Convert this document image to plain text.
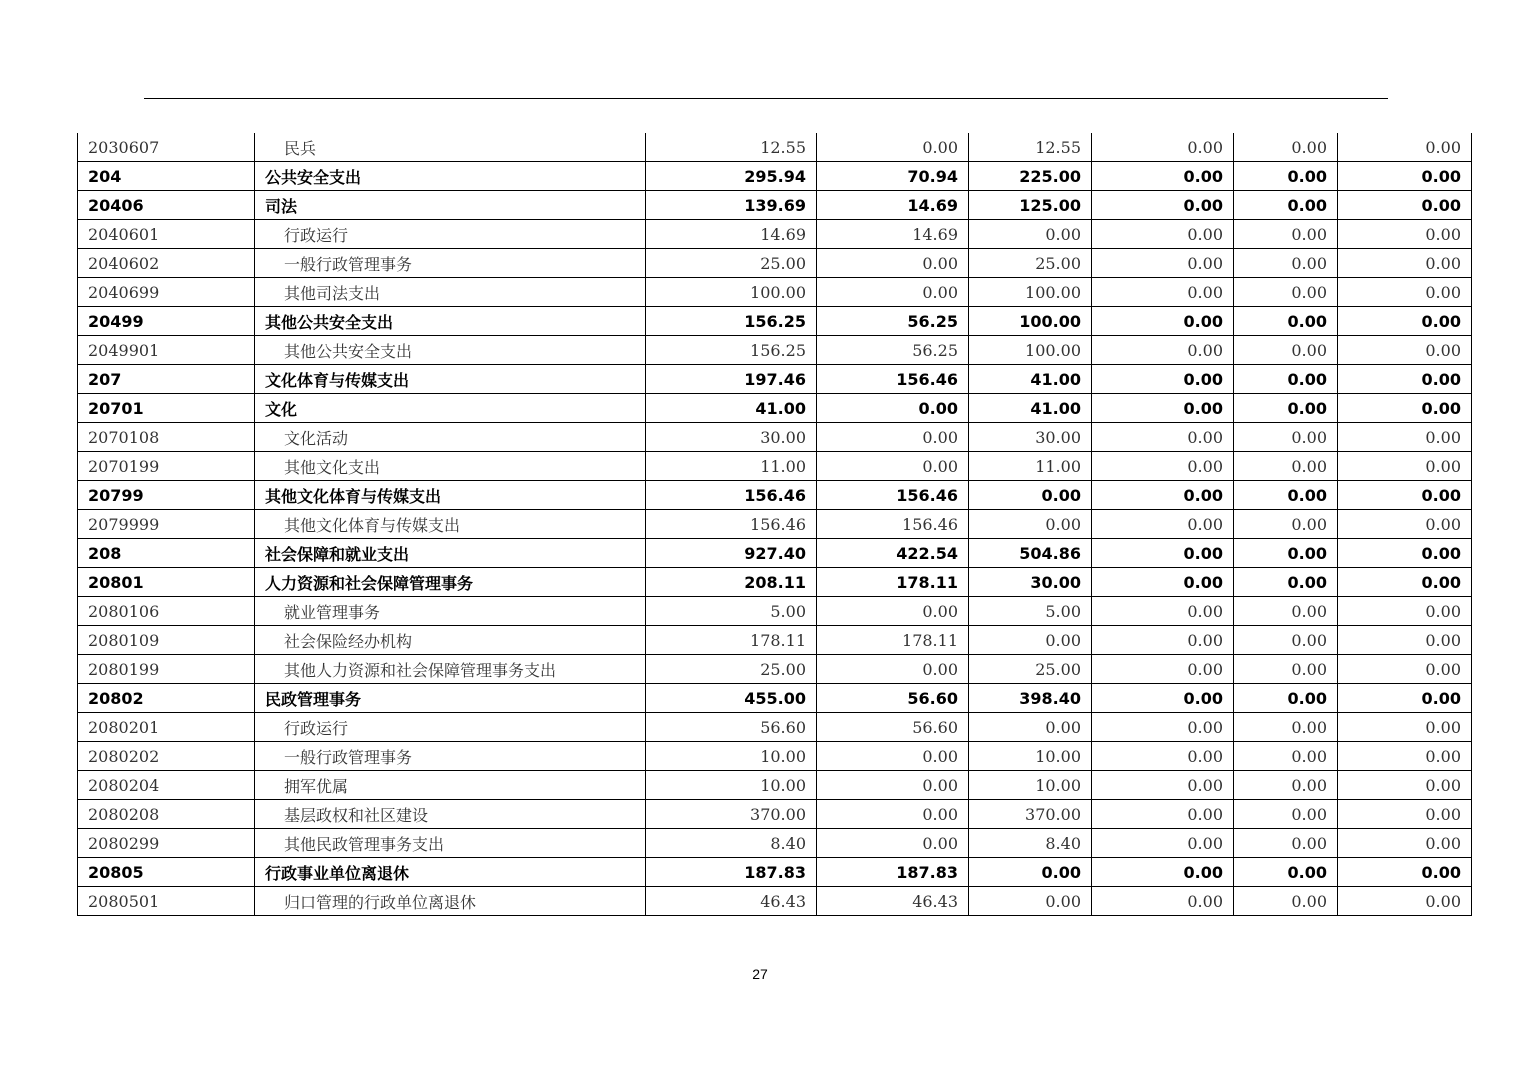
2030607	民兵	12.55	0.00	12.55	0.00	0.00	0.00
204	公共安全支出	295.94	70.94	225.00	0.00	0.00	0.00
20406	司法	139.69	14.69	125.00	0.00	0.00	0.00
2040601	行政运行	14.69	14.69	0.00	0.00	0.00	0.00
2040602	一般行政管理事务	25.00	0.00	25.00	0.00	0.00	0.00
2040699	其他司法支出	100.00	0.00	100.00	0.00	0.00	0.00
20499	其他公共安全支出	156.25	56.25	100.00	0.00	0.00	0.00
2049901	其他公共安全支出	156.25	56.25	100.00	0.00	0.00	0.00
207	文化体育与传媒支出	197.46	156.46	41.00	0.00	0.00	0.00
20701	文化	41.00	0.00	41.00	0.00	0.00	0.00
2070108	文化活动	30.00	0.00	30.00	0.00	0.00	0.00
2070199	其他文化支出	11.00	0.00	11.00	0.00	0.00	0.00
20799	其他文化体育与传媒支出	156.46	156.46	0.00	0.00	0.00	0.00
2079999	其他文化体育与传媒支出	156.46	156.46	0.00	0.00	0.00	0.00
208	社会保障和就业支出	927.40	422.54	504.86	0.00	0.00	0.00
20801	人力资源和社会保障管理事务	208.11	178.11	30.00	0.00	0.00	0.00
2080106	就业管理事务	5.00	0.00	5.00	0.00	0.00	0.00
2080109	社会保险经办机构	178.11	178.11	0.00	0.00	0.00	0.00
2080199	其他人力资源和社会保障管理事务支出	25.00	0.00	25.00	0.00	0.00	0.00
20802	民政管理事务	455.00	56.60	398.40	0.00	0.00	0.00
2080201	行政运行	56.60	56.60	0.00	0.00	0.00	0.00
2080202	一般行政管理事务	10.00	0.00	10.00	0.00	0.00	0.00
2080204	拥军优属	10.00	0.00	10.00	0.00	0.00	0.00
2080208	基层政权和社区建设	370.00	0.00	370.00	0.00	0.00	0.00
2080299	其他民政管理事务支出	8.40	0.00	8.40	0.00	0.00	0.00
20805	行政事业单位离退休	187.83	187.83	0.00	0.00	0.00	0.00
2080501	归口管理的行政单位离退休	46.43	46.43	0.00	0.00	0.00	0.00
27
